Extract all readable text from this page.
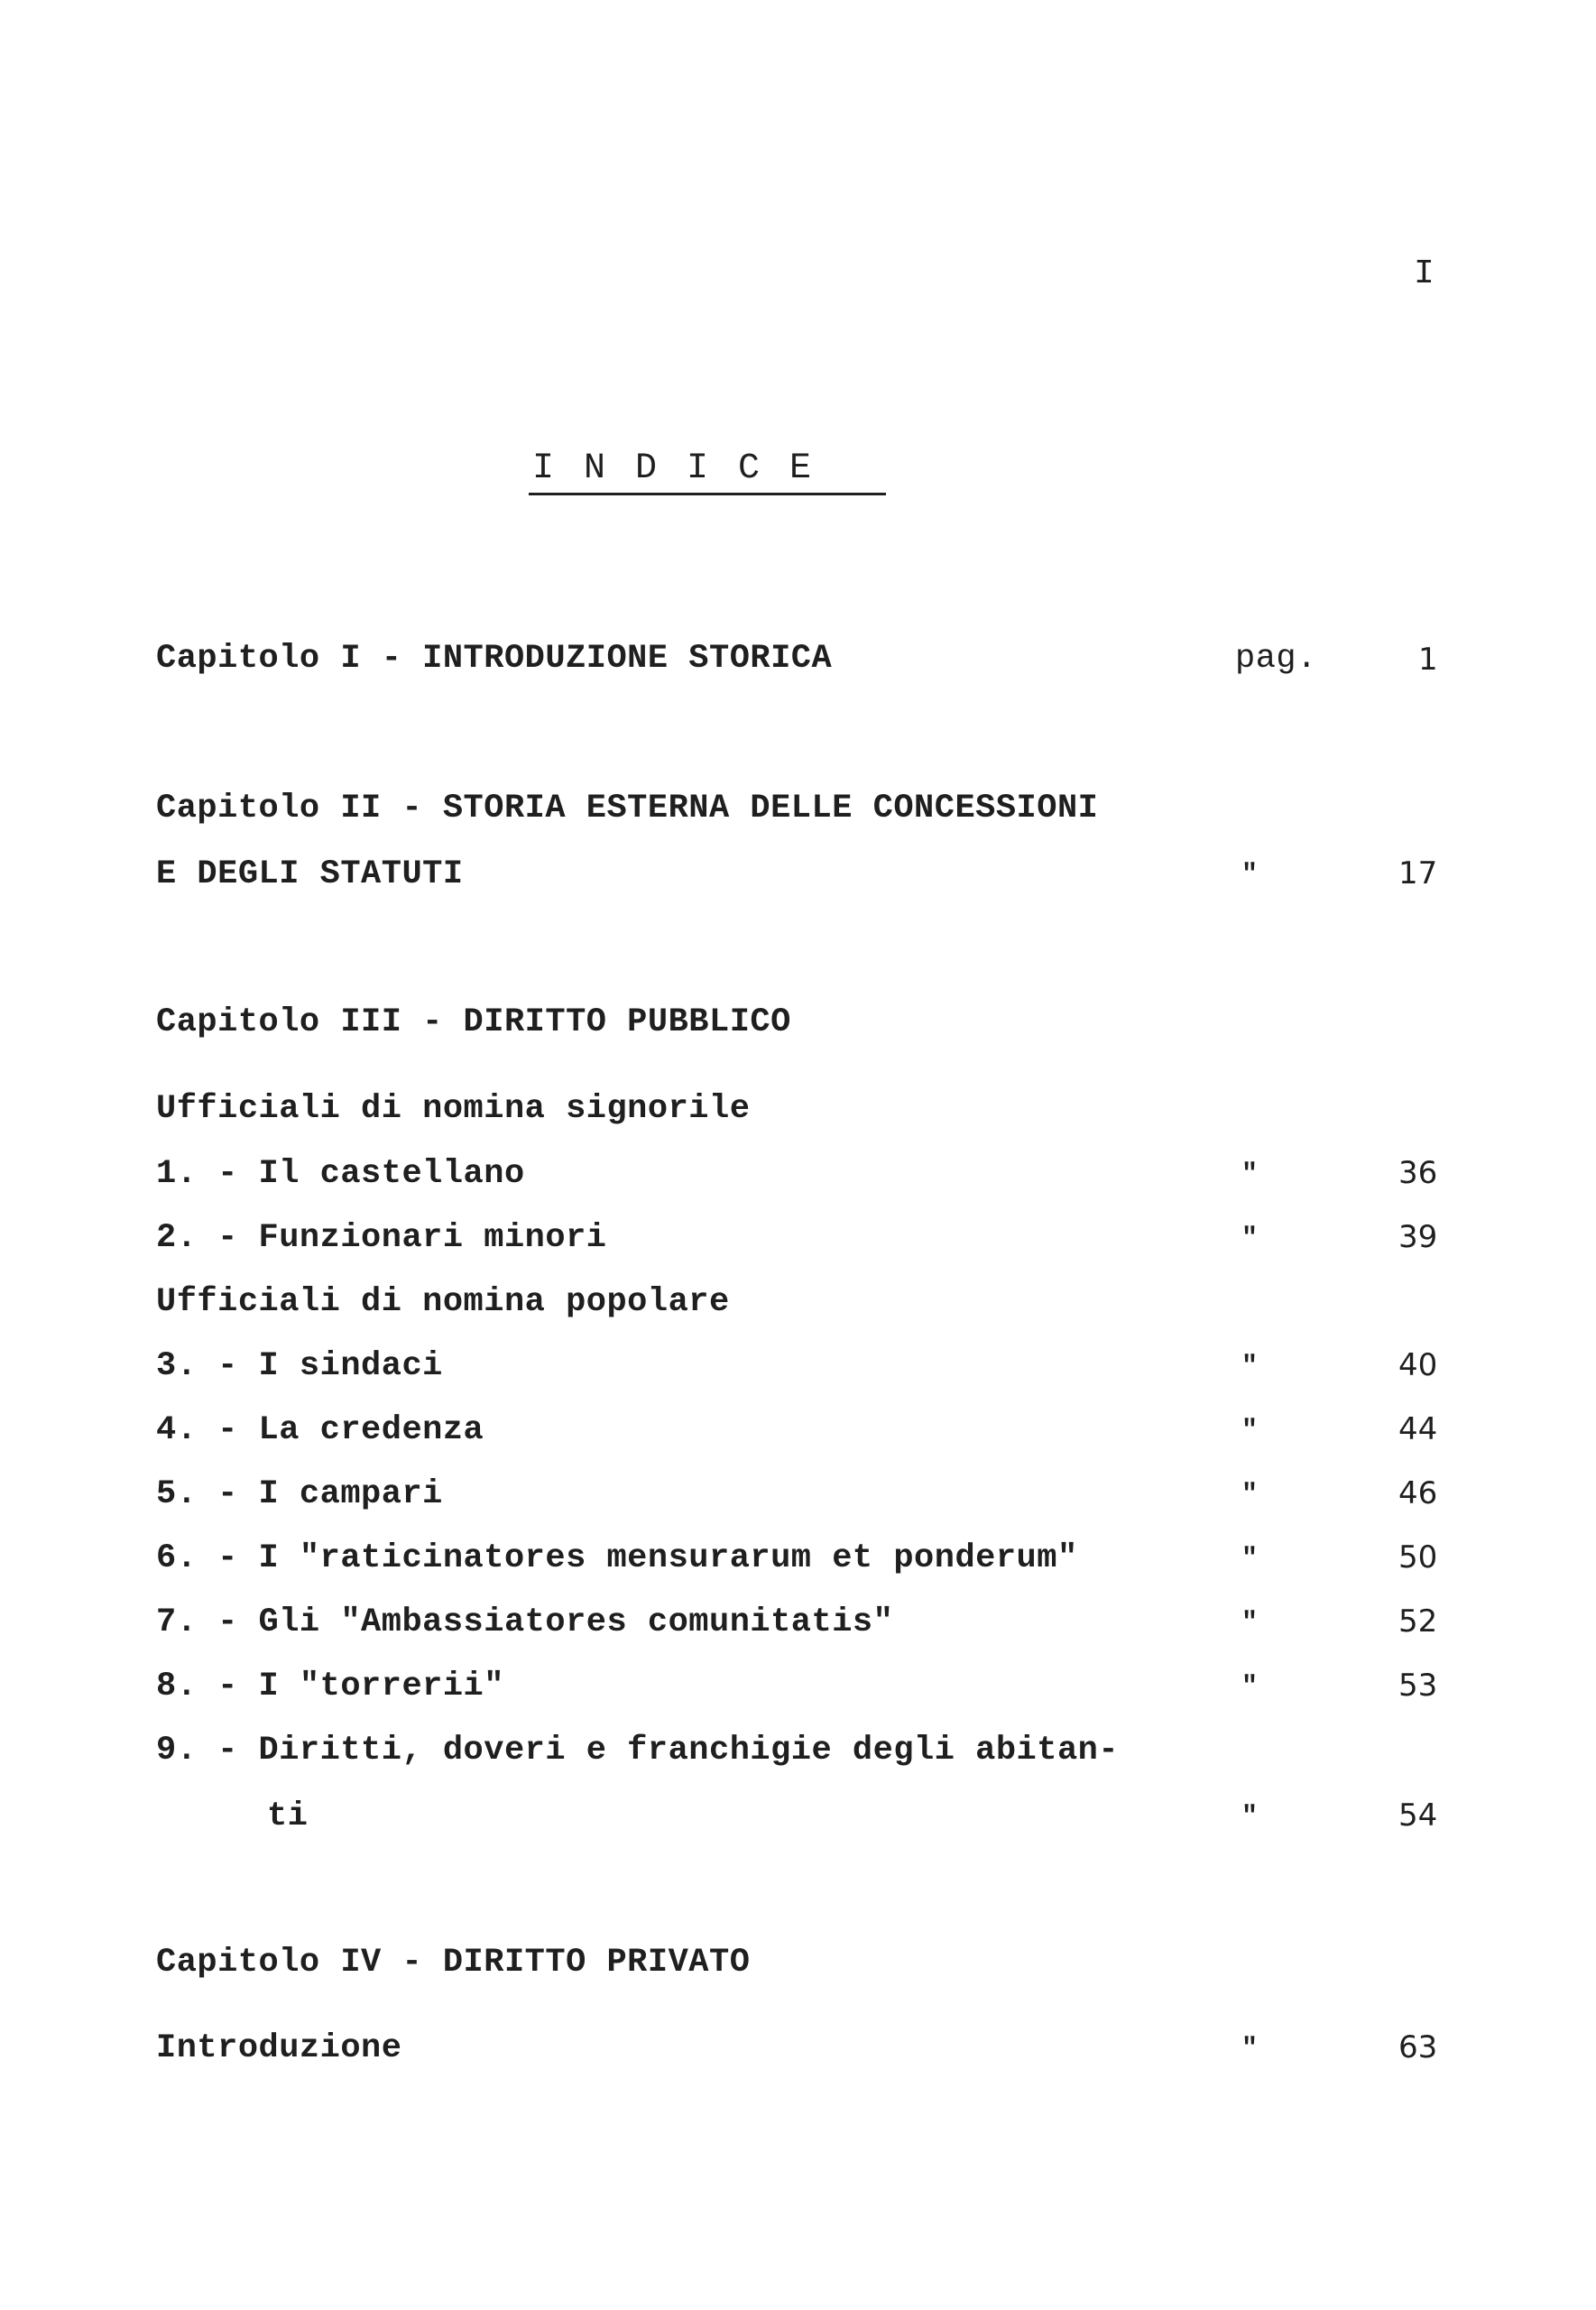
I
INDICE
Capitolo I - INTRODUZIONE STORICA	pag.	1
Capitolo II - STORIA ESTERNA DELLE CONCESSIONI
E DEGLI STATUTI	"	17
Capitolo III - DIRITTO PUBBLICO
Ufficiali di nomina signorile
1. - Il castellano	"	36
2. - Funzionari minori	"	39
Ufficiali di nomina popolare
3. - I sindaci	"	40
4. - La credenza	"	44
5. - I campari	"	46
6. - I "raticinatores mensurarum et ponderum"	"	50
7. - Gli "Ambassiatores comunitatis"	"	52
8. - I "torrerii"	"	53
9. - Diritti, doveri e franchigie degli abitan-
ti	"	54
Capitolo IV - DIRITTO PRIVATO
Introduzione	"	63
